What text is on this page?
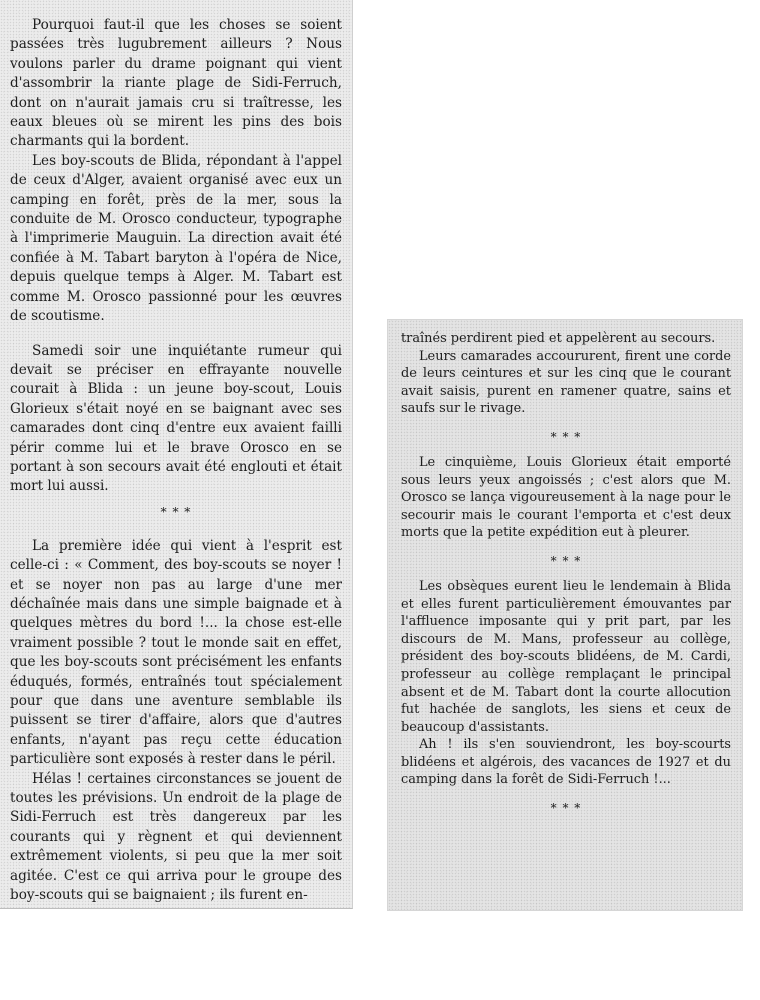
Pourquoi faut-il que les choses se soient passées très lugubrement ailleurs ? Nous voulons parler du drame poignant qui vient d'assombrir la riante plage de Sidi-Ferruch, dont on n'aurait jamais cru si traîtresse, les eaux bleues où se mirent les pins des bois charmants qui la bordent.

Les boy-scouts de Blida, répondant à l'appel de ceux d'Alger, avaient organisé avec eux un camping en forêt, près de la mer, sous la conduite de M. Orosco conducteur, typographe à l'imprimerie Mauguin. La direction avait été confiée à M. Tabart baryton à l'opéra de Nice, depuis quelque temps à Alger. M. Tabart est comme M. Orosco passionné pour les œuvres de scoutisme.

Samedi soir une inquiétante rumeur qui devait se préciser en effrayante nouvelle courait à Blida : un jeune boy-scout, Louis Glorieux s'était noyé en se baignant avec ses camarades dont cinq d'entre eux avaient failli périr comme lui et le brave Orosco en se portant à son secours avait été englouti et était mort lui aussi.

* * *

La première idée qui vient à l'esprit est celle-ci : « Comment, des boy-scouts se noyer ! et se noyer non pas au large d'une mer déchaînée mais dans une simple baignade et à quelques mètres du bord !... la chose est-elle vraiment possible ? tout le monde sait en effet, que les boy-scouts sont précisément les enfants éduqués, formés, entraînés tout spécialement pour que dans une aventure semblable ils puissent se tirer d'affaire, alors que d'autres enfants, n'ayant pas reçu cette éducation particulière sont exposés à rester dans le péril.

Hélas ! certaines circonstances se jouent de toutes les prévisions. Un endroit de la plage de Sidi-Ferruch est très dangereux par les courants qui y règnent et qui deviennent extrêmement violents, si peu que la mer soit agitée. C'est ce qui arriva pour le groupe des boy-scouts qui se baignaient ; ils furent en-

traînés perdirent pied et appelèrent au secours.

Leurs camarades accoururent, firent une corde de leurs ceintures et sur les cinq que le courant avait saisis, purent en ramener quatre, sains et saufs sur le rivage.

* * *

Le cinquième, Louis Glorieux était emporté sous leurs yeux angoissés ; c'est alors que M. Orosco se lança vigoureusement à la nage pour le secourir mais le courant l'emporta et c'est deux morts que la petite expédition eut à pleurer.

* * *

Les obsèques eurent lieu le lendemain à Blida et elles furent particulièrement émouvantes par l'affluence imposante qui y prit part, par les discours de M. Mans, professeur au collège, président des boy-scouts blidéens, de M. Cardi, professeur au collège remplaçant le principal absent et de M. Tabart dont la courte allocution fut hachée de sanglots, les siens et ceux de beaucoup d'assistants.

Ah ! ils s'en souviendront, les boy-scourts blidéens et algérois, des vacances de 1927 et du camping dans la forêt de Sidi-Ferruch !...

* * *
